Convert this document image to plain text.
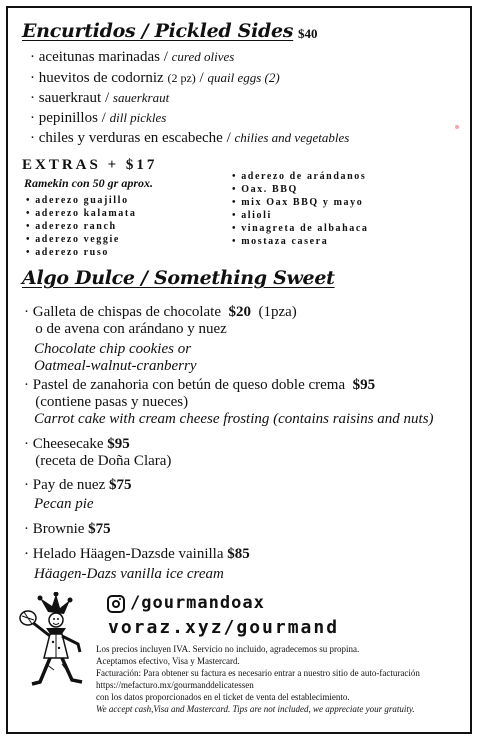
Encurtidos / Pickled Sides $40
· aceitunas marinadas / cured olives
· huevitos de codorniz (2 pz) / quail eggs (2)
· sauerkraut / sauerkraut
· pepinillos / dill pickles
· chiles y verduras en escabeche / chilies and vegetables
EXTRAS + $17
Ramekin con 50 gr aprox.
• aderezo guajillo
• aderezo kalamata
• aderezo ranch
• aderezo veggie
• aderezo ruso
• aderezo de arándanos
• Oax. BBQ
• mix Oax BBQ y mayo
• alioli
• vinagreta de albahaca
• mostaza casera
Algo Dulce / Something Sweet
· Galleta de chispas de chocolate $20 (1pza)
o de avena con arándano y nuez
Chocolate chip cookies or
Oatmeal-walnut-cranberry
· Pastel de zanahoria con betún de queso doble crema $95
(contiene pasas y nueces)
Carrot cake with cream cheese frosting (contains raisins and nuts)
· Cheesecake $95
(receta de Doña Clara)
· Pay de nuez $75
Pecan pie
· Brownie $75
· Helado Häagen-Dazsde vainilla $85
Häagen-Dazs vanilla ice cream
/gourmandoax
voraz.xyz/gourmand
Los precios incluyen IVA. Servicio no incluido, agradecemos su propina.
Aceptamos efectivo, Visa y Mastercard.
Facturación: Para obtener su factura es necesario entrar a nuestro sitio de auto-facturación
https://mefacturo.mx/gourmanddelicatessen
con los datos proporcionados en el ticket de venta del establecimiento.
We accept cash,Visa and Mastercard. Tips are not included, we appreciate your gratuity.
